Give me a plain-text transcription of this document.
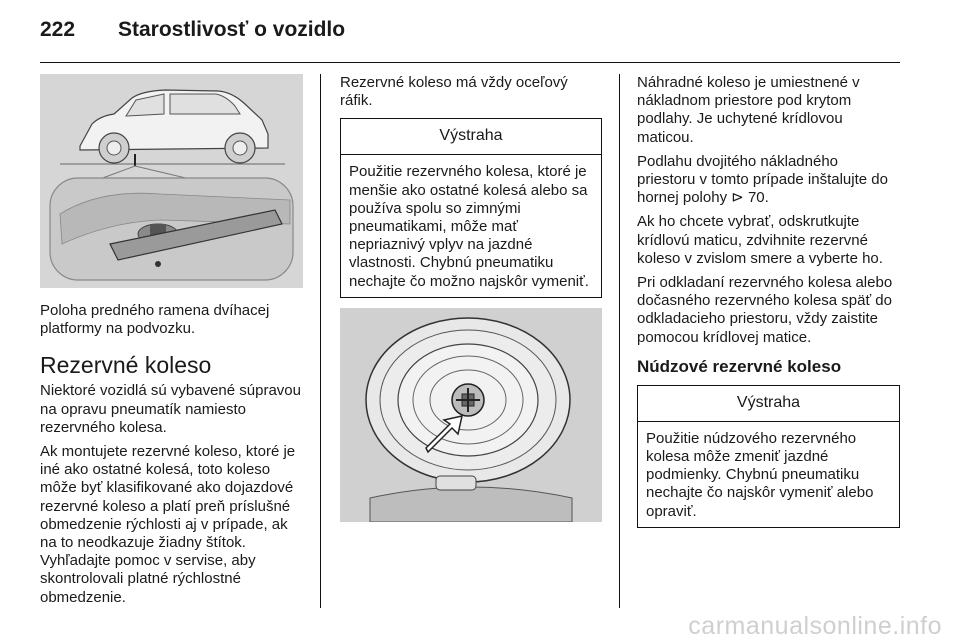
222 Starostlivosť o vozidlo

Poloha predného ramena dvíhacej platformy na podvozku.

Rezervné koleso

Niektoré vozidlá sú vybavené súpravou na opravu pneumatík namiesto rezervného kolesa.

Ak montujete rezervné koleso, ktoré je iné ako ostatné kolesá, toto koleso môže byť klasifikované ako dojazdové rezervné koleso a platí preň príslušné obmedzenie rýchlosti aj v prípade, ak na to neodkazuje žiadny štítok. Vyhľadajte pomoc v servise, aby skontrolovali platné rýchlostné obmedzenie.

Rezervné koleso má vždy oceľový ráfik.

Výstraha

Použitie rezervného kolesa, ktoré je menšie ako ostatné kolesá alebo sa používa spolu so zimnými pneumatikami, môže mať nepriaznivý vplyv na jazdné vlastnosti. Chybnú pneumatiku nechajte čo možno najskôr vymeniť.

Náhradné koleso je umiestnené v nákladnom priestore pod krytom podlahy. Je uchytené krídlovou maticou.

Podlahu dvojitého nákladného priestoru v tomto prípade inštalujte do hornej polohy ⊳ 70.

Ak ho chcete vybrať, odskrutkujte krídlovú maticu, zdvihnite rezervné koleso v zvislom smere a vyberte ho.

Pri odkladaní rezervného kolesa alebo dočasného rezervného kolesa späť do odkladacieho priestoru, vždy zaistite pomocou krídlovej matice.

Núdzové rezervné koleso
Výstraha

Použitie núdzového rezervného kolesa môže zmeniť jazdné podmienky. Chybnú pneumatiku nechajte čo najskôr vymeniť alebo opraviť.

carmanualsonline.info
